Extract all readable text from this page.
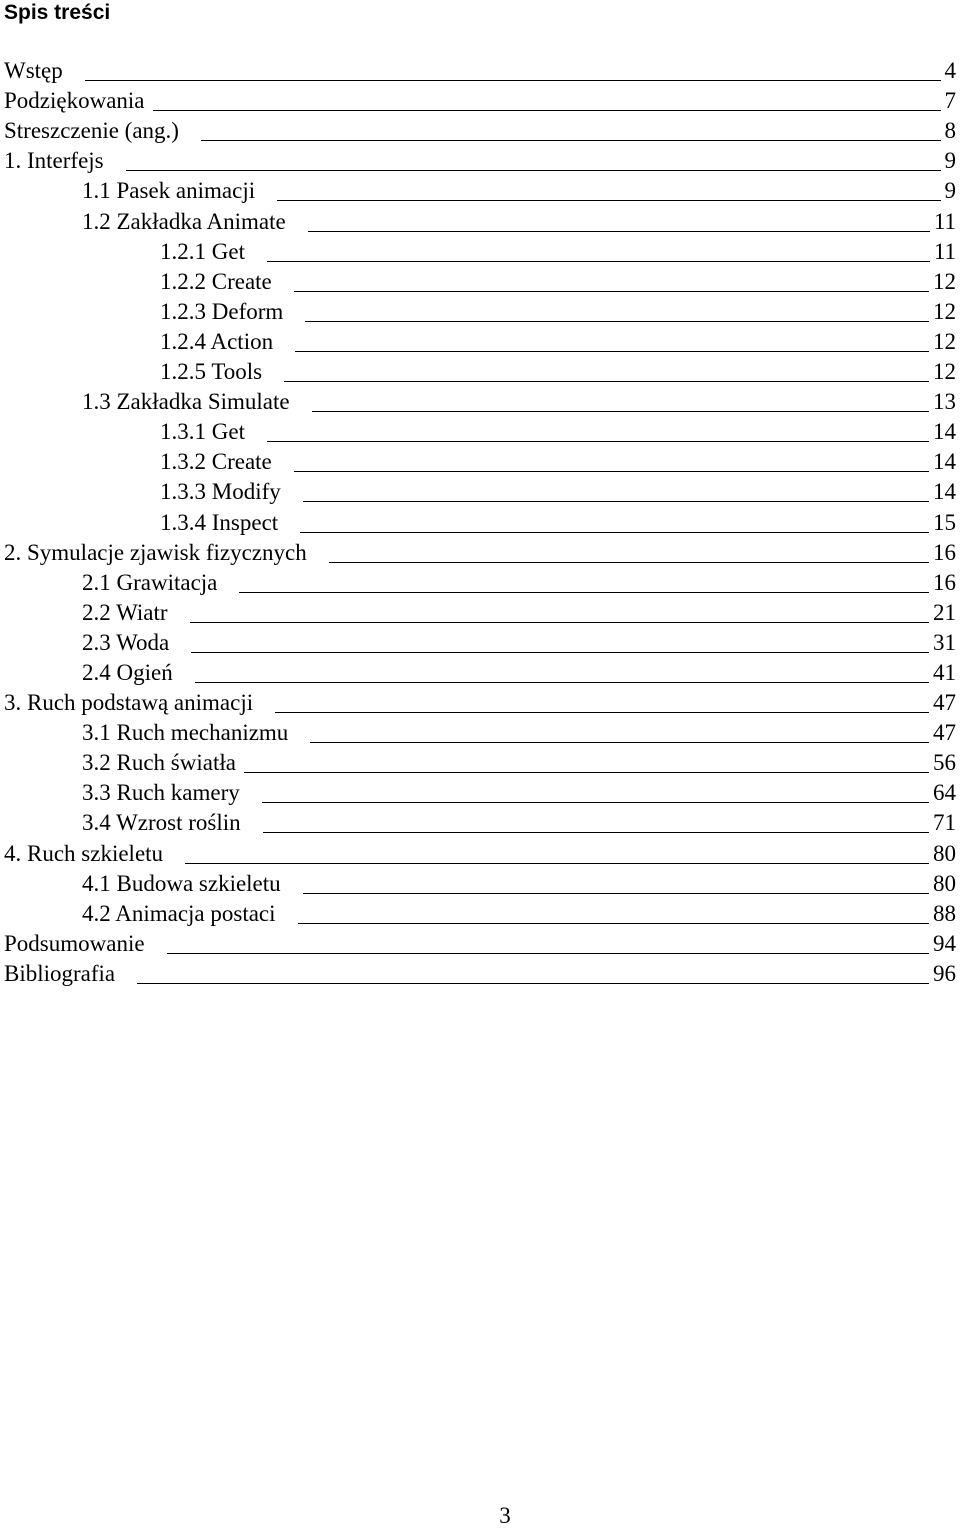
Spis treści
Wstęp	4
Podziękowania	7
Streszczenie (ang.)	8
1. Interfejs	9
1.1 Pasek animacji	9
1.2 Zakładka Animate	11
1.2.1 Get	11
1.2.2 Create	12
1.2.3 Deform	12
1.2.4 Action	12
1.2.5 Tools	12
1.3 Zakładka Simulate	13
1.3.1 Get	14
1.3.2 Create	14
1.3.3 Modify	14
1.3.4 Inspect	15
2. Symulacje zjawisk fizycznych	16
2.1 Grawitacja	16
2.2 Wiatr	21
2.3 Woda	31
2.4 Ogień	41
3. Ruch podstawą animacji	47
3.1 Ruch mechanizmu	47
3.2 Ruch światła	56
3.3 Ruch kamery	64
3.4 Wzrost roślin	71
4. Ruch szkieletu	80
4.1 Budowa szkieletu	80
4.2 Animacja postaci	88
Podsumowanie	94
Bibliografia	96
3
